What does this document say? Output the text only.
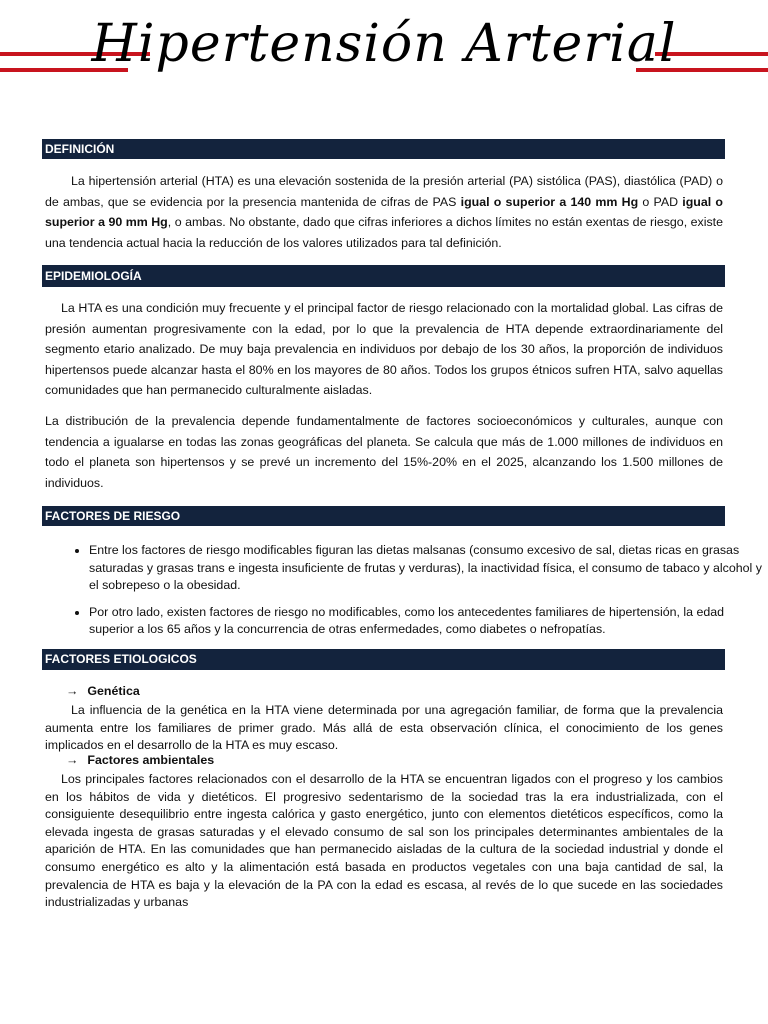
Hipertensión Arterial
DEFINICIÓN
La hipertensión arterial (HTA) es una elevación sostenida de la presión arterial (PA) sistólica (PAS), diastólica (PAD) o de ambas, que se evidencia por la presencia mantenida de cifras de PAS igual o superior a 140 mm Hg o PAD igual o superior a 90 mm Hg, o ambas. No obstante, dado que cifras inferiores a dichos límites no están exentas de riesgo, existe una tendencia actual hacia la reducción de los valores utilizados para tal definición.
EPIDEMIOLOGÍA
La HTA es una condición muy frecuente y el principal factor de riesgo relacionado con la mortalidad global. Las cifras de presión aumentan progresivamente con la edad, por lo que la prevalencia de HTA depende extraordinariamente del segmento etario analizado. De muy baja prevalencia en individuos por debajo de los 30 años, la proporción de individuos hipertensos puede alcanzar hasta el 80% en los mayores de 80 años. Todos los grupos étnicos sufren HTA, salvo aquellas comunidades que han permanecido culturalmente aisladas.
La distribución de la prevalencia depende fundamentalmente de factores socioeconómicos y culturales, aunque con tendencia a igualarse en todas las zonas geográficas del planeta. Se calcula que más de 1.000 millones de individuos en todo el planeta son hipertensos y se prevé un incremento del 15%-20% en el 2025, alcanzando los 1.500 millones de individuos.
FACTORES DE RIESGO
• Entre los factores de riesgo modificables figuran las dietas malsanas (consumo excesivo de sal, dietas ricas en grasas saturadas y grasas trans e ingesta insuficiente de frutas y verduras), la inactividad física, el consumo de tabaco y alcohol y el sobrepeso o la obesidad.
• Por otro lado, existen factores de riesgo no modificables, como los antecedentes familiares de hipertensión, la edad superior a los 65 años y la concurrencia de otras enfermedades, como diabetes o nefropatías.
FACTORES ETIOLOGICOS
→ Genética
La influencia de la genética en la HTA viene determinada por una agregación familiar, de forma que la prevalencia aumenta entre los familiares de primer grado. Más allá de esta observación clínica, el conocimiento de los genes implicados en el desarrollo de la HTA es muy escaso.
→ Factores ambientales
Los principales factores relacionados con el desarrollo de la HTA se encuentran ligados con el progreso y los cambios en los hábitos de vida y dietéticos. El progresivo sedentarismo de la sociedad tras la era industrializada, con el consiguiente desequilibrio entre ingesta calórica y gasto energético, junto con elementos dietéticos específicos, como la elevada ingesta de grasas saturadas y el elevado consumo de sal son los principales determinantes ambientales de la aparición de HTA. En las comunidades que han permanecido aisladas de la cultura de la sociedad industrial y donde el consumo energético es alto y la alimentación está basada en productos vegetales con una baja cantidad de sal, la prevalencia de HTA es baja y la elevación de la PA con la edad es escasa, al revés de lo que sucede en las sociedades industrializadas y urbanas
